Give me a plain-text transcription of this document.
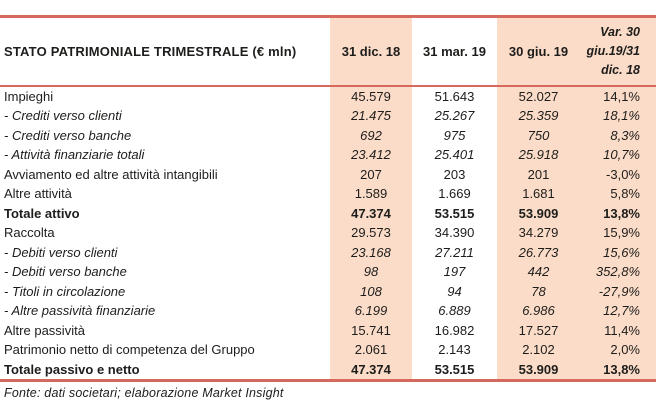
STATO PATRIMONIALE TRIMESTRALE (€ mln)	31 dic. 18	31 mar. 19	30 giu. 19	Var. 30 giu.19/31 dic. 18
Impieghi	45.579	51.643	52.027	14,1%
- Crediti verso clienti	21.475	25.267	25.359	18,1%
- Crediti verso banche	692	975	750	8,3%
- Attività finanziarie totali	23.412	25.401	25.918	10,7%
Avviamento ed altre attività intangibili	207	203	201	-3,0%
Altre attività	1.589	1.669	1.681	5,8%
Totale attivo	47.374	53.515	53.909	13,8%
Raccolta	29.573	34.390	34.279	15,9%
- Debiti verso clienti	23.168	27.211	26.773	15,6%
- Debiti verso banche	98	197	442	352,8%
- Titoli in circolazione	108	94	78	-27,9%
- Altre passività finanziarie	6.199	6.889	6.986	12,7%
Altre passività	15.741	16.982	17.527	11,4%
Patrimonio netto di competenza del Gruppo	2.061	2.143	2.102	2,0%
Totale passivo e netto	47.374	53.515	53.909	13,8%
Fonte: dati societari; elaborazione Market Insight
